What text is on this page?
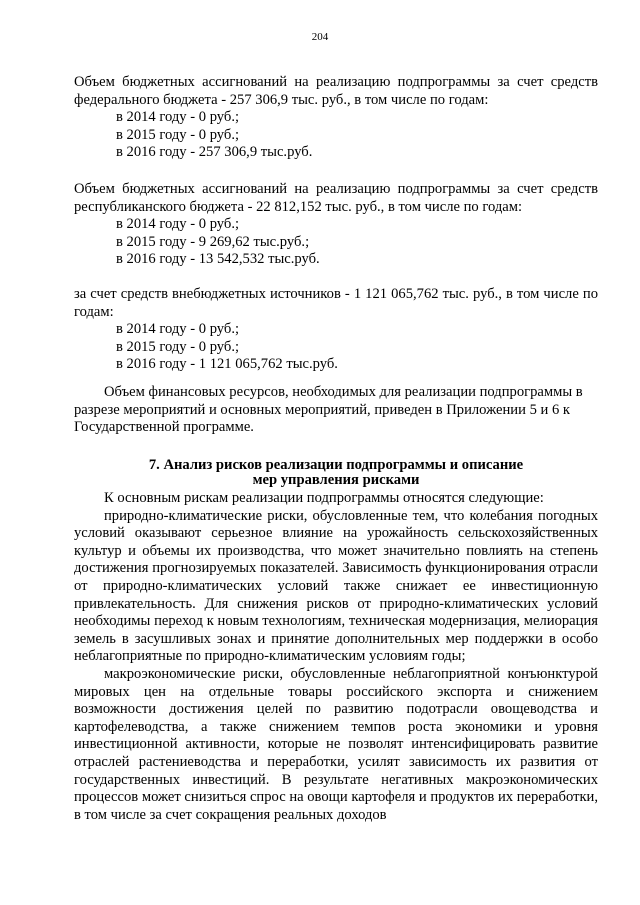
204

Объем бюджетных ассигнований на реализацию подпрограммы за счет средств федерального бюджета - 257 306,9 тыс. руб., в том числе по годам:

в 2014 году - 0 руб.;

в 2015 году - 0 руб.;

в 2016 году - 257 306,9 тыс.руб.

Объем бюджетных ассигнований на реализацию подпрограммы за счет средств республиканского бюджета - 22 812,152 тыс. руб., в том числе по годам:

в 2014 году - 0 руб.;

в 2015 году - 9 269,62 тыс.руб.;

в 2016 году - 13 542,532 тыс.руб.

за счет средств внебюджетных источников - 1 121 065,762 тыс. руб., в том числе по годам:

в 2014 году - 0 руб.;

в 2015 году - 0 руб.;

в 2016 году - 1 121 065,762 тыс.руб.

Объем финансовых ресурсов, необходимых для реализации подпрограммы в разрезе мероприятий и основных мероприятий, приведен в Приложении 5 и 6 к Государственной программе.

7. Анализ рисков реализации подпрограммы и описание
мер управления рисками

К основным рискам реализации подпрограммы относятся следующие:

природно-климатические риски, обусловленные тем, что колебания погодных условий оказывают серьезное влияние на урожайность сельскохозяйственных культур и объемы их производства, что может значительно повлиять на степень достижения прогнозируемых показателей. Зависимость функционирования отрасли от природно-климатических условий также снижает ее инвестиционную привлекательность. Для снижения рисков от природно-климатических условий необходимы переход к новым технологиям, техническая модернизация, мелиорация земель в засушливых зонах и принятие дополнительных мер поддержки в особо неблагоприятные по природно-климатическим условиям годы;

макроэкономические риски, обусловленные неблагоприятной конъюнктурой мировых цен на отдельные товары российского экспорта и снижением возможности достижения целей по развитию подотрасли овощеводства и картофелеводства, а также снижением темпов роста экономики и уровня инвестиционной активности, которые не позволят интенсифицировать развитие отраслей растениеводства и переработки, усилят зависимость их развития от государственных инвестиций. В результате негативных макроэкономических процессов может снизиться спрос на овощи картофеля и продуктов их переработки, в том числе за счет сокращения реальных доходов
